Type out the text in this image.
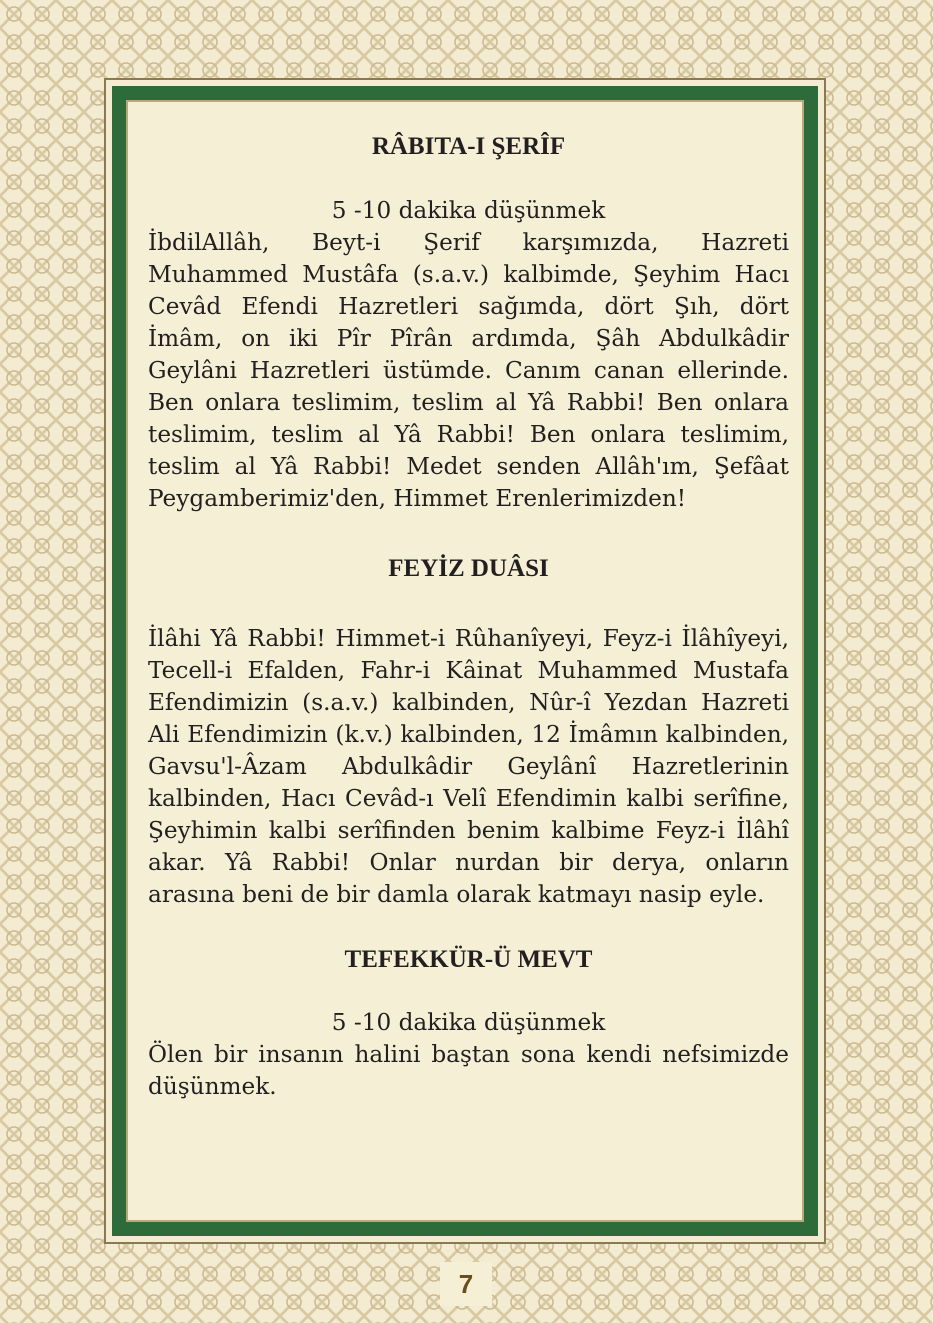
RÂBITA-I ŞERÎF

5 -10 dakika düşünmek

İbdilAllâh, Beyt-i Şerif karşımızda, Hazreti Muhammed Mustâfa (s.a.v.) kalbimde, Şeyhim Hacı Cevâd Efendi Hazretleri sağımda, dört Şıh, dört İmâm, on iki Pîr Pîrân ardımda, Şâh Abdulkâdir Geylâni Hazretleri üstümde. Canım canan ellerinde. Ben onlara teslimim, teslim al Yâ Rabbi! Ben onlara teslimim, teslim al Yâ Rabbi! Ben onlara teslimim, teslim al Yâ Rabbi! Medet senden Allâh'ım, Şefâat Peygamberimiz'den, Himmet Erenlerimizden!

FEYİZ DUÂSI

İlâhi Yâ Rabbi! Himmet-i Rûhanîyeyi, Feyz-i İlâhîyeyi, Tecell-i Efalden, Fahr-i Kâinat Muhammed Mustafa Efendimizin (s.a.v.) kalbinden, Nûr-î Yezdan Hazreti Ali Efendimizin (k.v.) kalbinden, 12 İmâmın kalbinden, Gavsu'l-Âzam Abdulkâdir Geylânî Hazretlerinin kalbinden, Hacı Cevâd-ı Velî Efendimin kalbi serîfine, Şeyhimin kalbi serîfinden benim kalbime Feyz-i İlâhî akar. Yâ Rabbi! Onlar nurdan bir derya, onların arasına beni de bir damla olarak katmayı nasip eyle.

TEFEKKÜR-Ü MEVT

5 -10 dakika düşünmek

Ölen bir insanın halini baştan sona kendi nefsimizde düşünmek.

7
